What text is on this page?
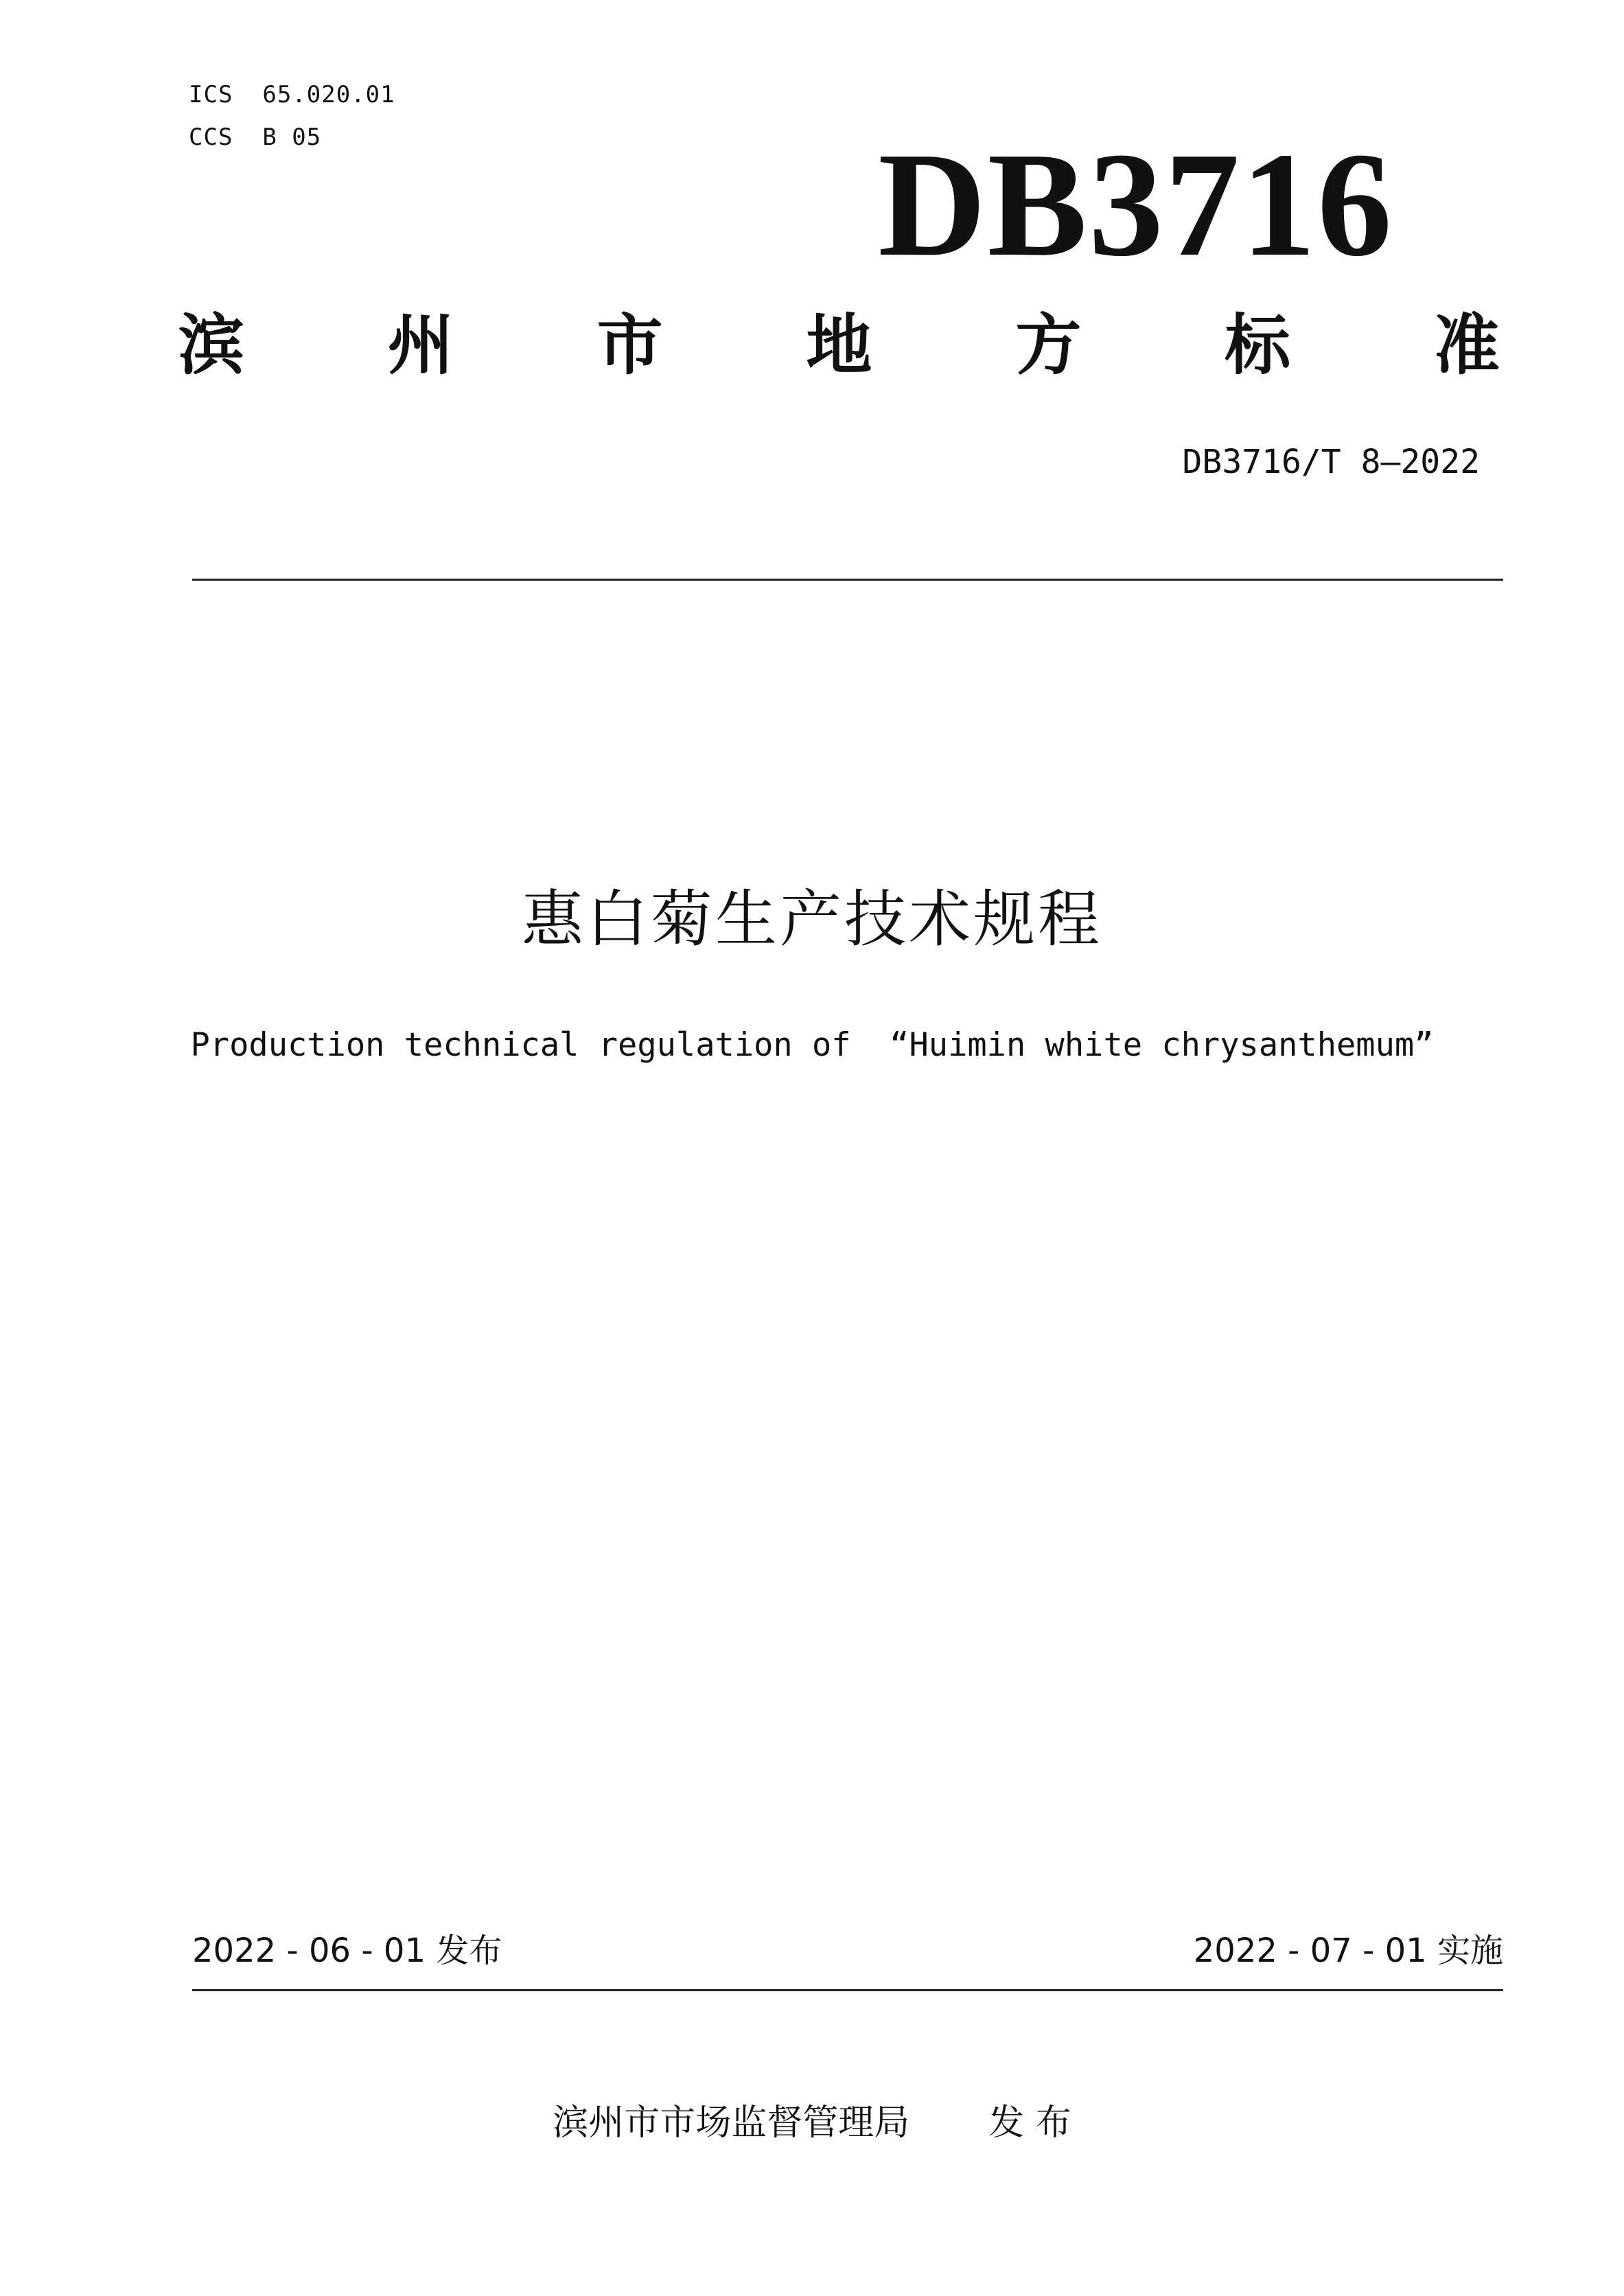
ICS  65.020.01
CCS  B 05	DB3716
滨 州 市 地 方 标 准
DB3716/T 8—2022
惠白菊生产技术规程
Production technical regulation of  “Huimin white chrysanthemum”
2022 - 06 - 01 发布	2022 - 07 - 01 实施
滨州市市场监督管理局 发 布
